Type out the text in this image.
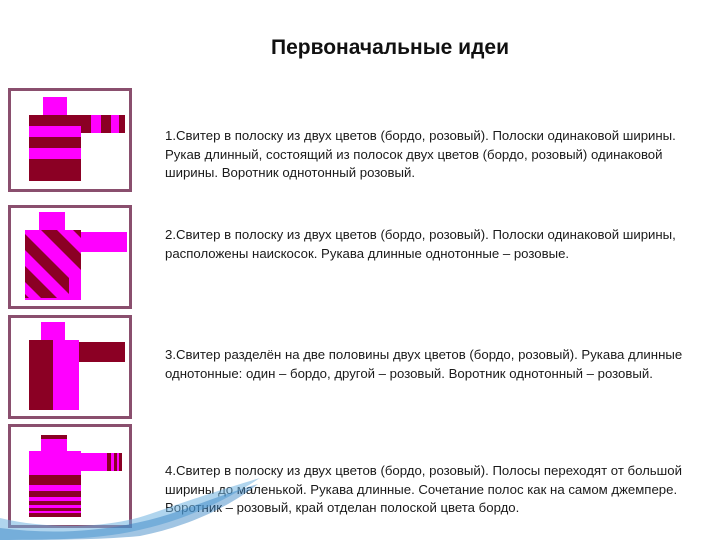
Первоначальные идеи
1.Свитер в полоску из двух цветов (бордо, розовый). Полоски одинаковой ширины. Рукав длинный, состоящий из полосок двух цветов (бордо, розовый) одинаковой ширины. Воротник однотонный розовый.
2.Свитер в полоску из двух цветов (бордо, розовый). Полоски одинаковой ширины, расположены наискосок. Рукава длинные однотонные – розовые.
3.Свитер разделён на две половины двух цветов (бордо, розовый). Рукава длинные однотонные: один – бордо, другой – розовый. Воротник однотонный – розовый.
4.Свитер в полоску из двух цветов (бордо, розовый). Полосы переходят от большой ширины до маленькой. Рукава длинные. Сочетание полос как на самом джемпере. Воротник – розовый, край отделан полоской цвета бордо.
